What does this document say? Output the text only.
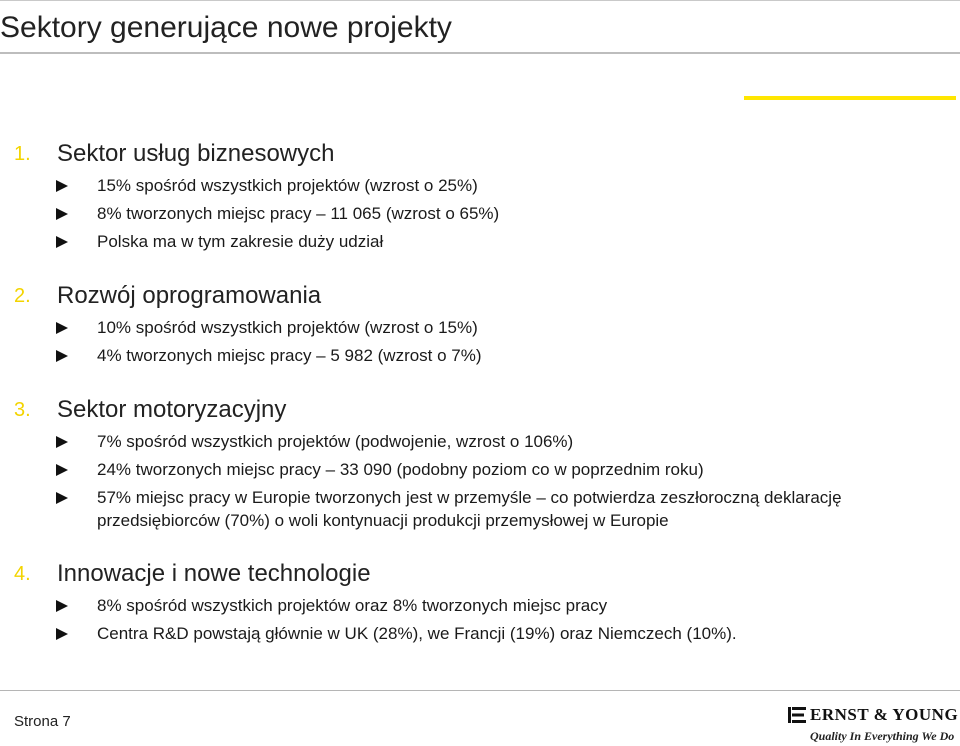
Sektory generujące nowe projekty
1. Sektor usług biznesowych
15% spośród wszystkich projektów (wzrost o 25%)
8% tworzonych miejsc pracy – 11 065 (wzrost o 65%)
Polska ma w tym zakresie duży udział
2. Rozwój oprogramowania
10% spośród wszystkich projektów (wzrost o 15%)
4% tworzonych miejsc pracy – 5 982 (wzrost o 7%)
3. Sektor motoryzacyjny
7% spośród wszystkich projektów (podwojenie, wzrost o 106%)
24% tworzonych miejsc pracy – 33 090 (podobny poziom co w poprzednim roku)
57% miejsc pracy w Europie tworzonych jest w przemyśle – co potwierdza zeszłoroczną deklarację przedsiębiorców (70%) o woli kontynuacji produkcji przemysłowej w Europie
4. Innowacje i nowe technologie
8% spośród wszystkich projektów oraz 8% tworzonych miejsc pracy
Centra R&D powstają głównie w UK (28%), we Francji (19%) oraz Niemczech (10%).
Strona 7	ERNST & YOUNG
Quality In Everything We Do
